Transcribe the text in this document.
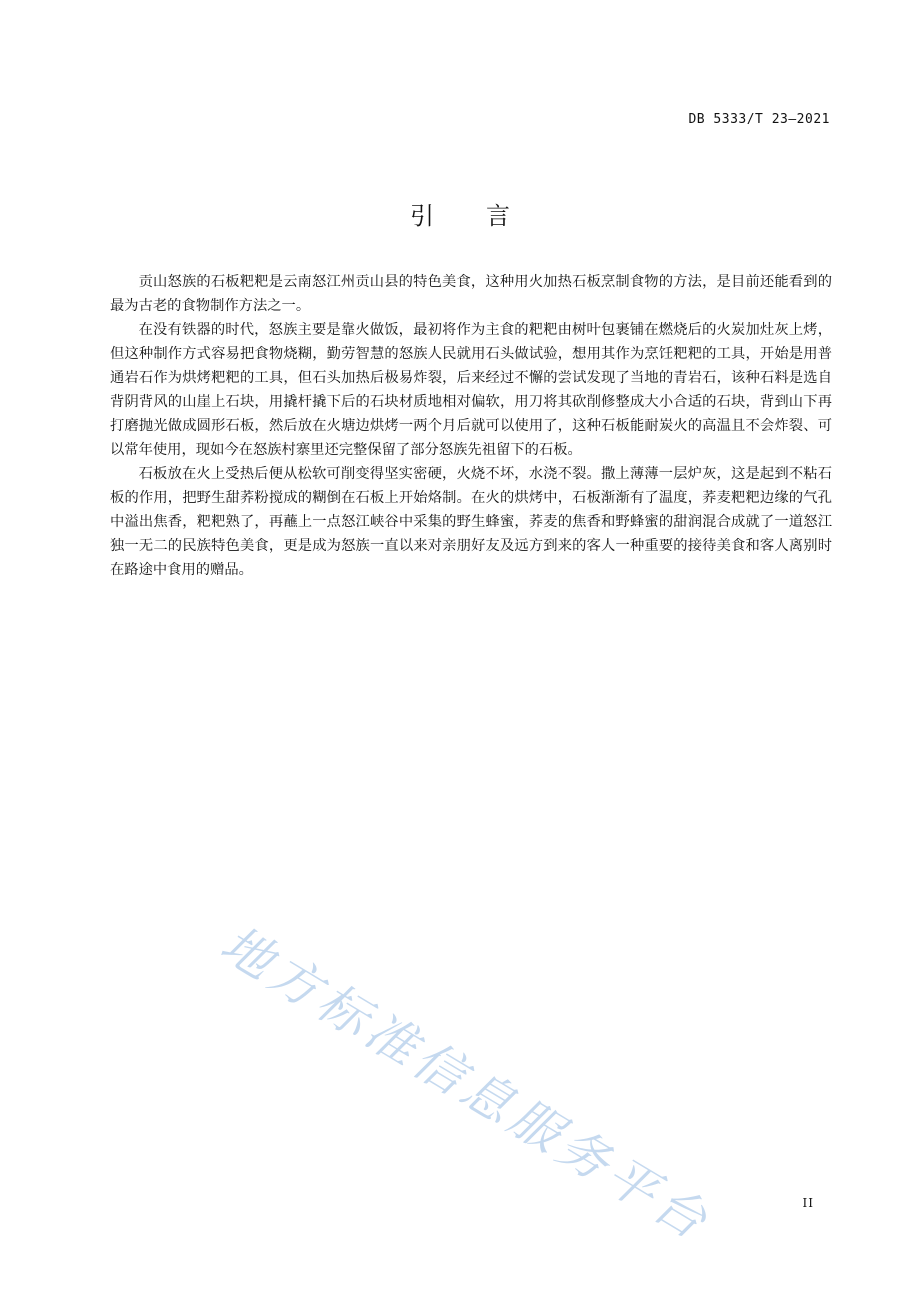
DB 5333/T 23—2021
引言

贡山怒族的石板粑粑是云南怒江州贡山县的特色美食，这种用火加热石板烹制食物的方法，是目前还能看到的最为古老的食物制作方法之一。

在没有铁器的时代，怒族主要是靠火做饭，最初将作为主食的粑粑由树叶包裹铺在燃烧后的火炭加灶灰上烤，但这种制作方式容易把食物烧糊，勤劳智慧的怒族人民就用石头做试验，想用其作为烹饪粑粑的工具，开始是用普通岩石作为烘烤粑粑的工具，但石头加热后极易炸裂，后来经过不懈的尝试发现了当地的青岩石，该种石料是选自背阴背风的山崖上石块，用撬杆撬下后的石块材质地相对偏软，用刀将其砍削修整成大小合适的石块，背到山下再打磨抛光做成圆形石板，然后放在火塘边烘烤一两个月后就可以使用了，这种石板能耐炭火的高温且不会炸裂、可以常年使用，现如今在怒族村寨里还完整保留了部分怒族先祖留下的石板。

石板放在火上受热后便从松软可削变得坚实密硬，火烧不坏，水浇不裂。撒上薄薄一层炉灰，这是起到不粘石板的作用，把野生甜荞粉搅成的糊倒在石板上开始烙制。在火的烘烤中，石板渐渐有了温度，荞麦粑粑边缘的气孔中溢出焦香，粑粑熟了，再蘸上一点怒江峡谷中采集的野生蜂蜜，荞麦的焦香和野蜂蜜的甜润混合成就了一道怒江独一无二的民族特色美食，更是成为怒族一直以来对亲朋好友及远方到来的客人一种重要的接待美食和客人离别时在路途中食用的赠品。

地方标准信息服务平台	II
